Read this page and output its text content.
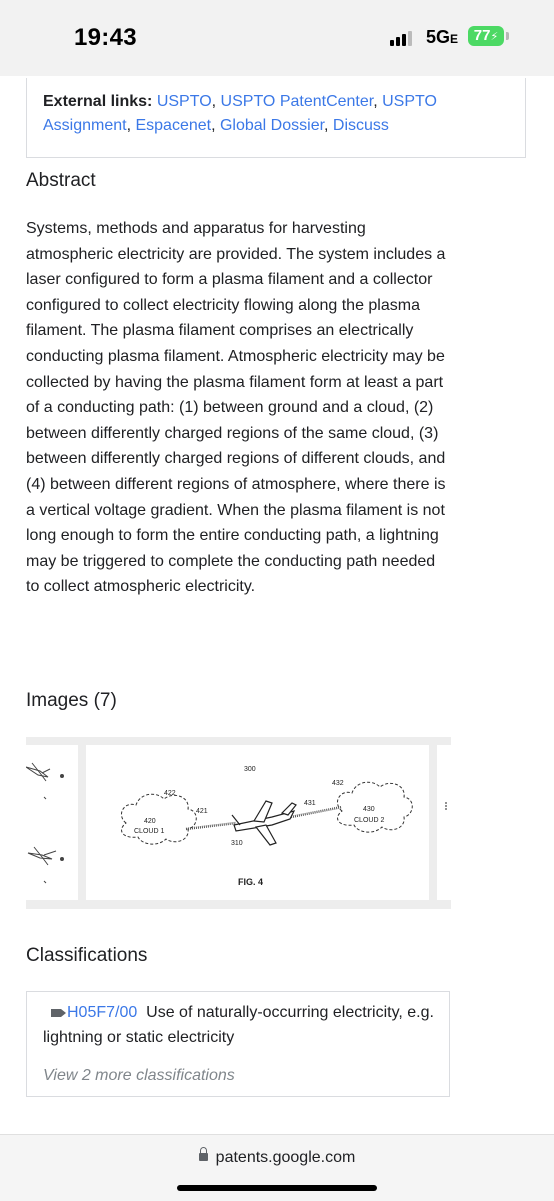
19:43	5GE	77⚡
External links: USPTO, USPTO PatentCenter, USPTO Assignment, Espacenet, Global Dossier, Discuss
Abstract
Systems, methods and apparatus for harvesting atmospheric electricity are provided. The system includes a laser configured to form a plasma filament and a collector configured to collect electricity flowing along the plasma filament. The plasma filament comprises an electrically conducting plasma filament. Atmospheric electricity may be collected by having the plasma filament form at least a part of a conducting path: (1) between ground and a cloud, (2) between differently charged regions of the same cloud, (3) between differently charged regions of different clouds, and (4) between different regions of atmosphere, where there is a vertical voltage gradient. When the plasma filament is not long enough to form the entire conducting path, a lightning may be triggered to complete the conducting path needed to collect atmospheric electricity.
Images (7)
300
422
421
420
CLOUD 1
310
432
431
430
CLOUD 2
FIG. 4
Classifications
H05F7/00 Use of naturally-occurring electricity, e.g. lightning or static electricity
View 2 more classifications
patents.google.com
